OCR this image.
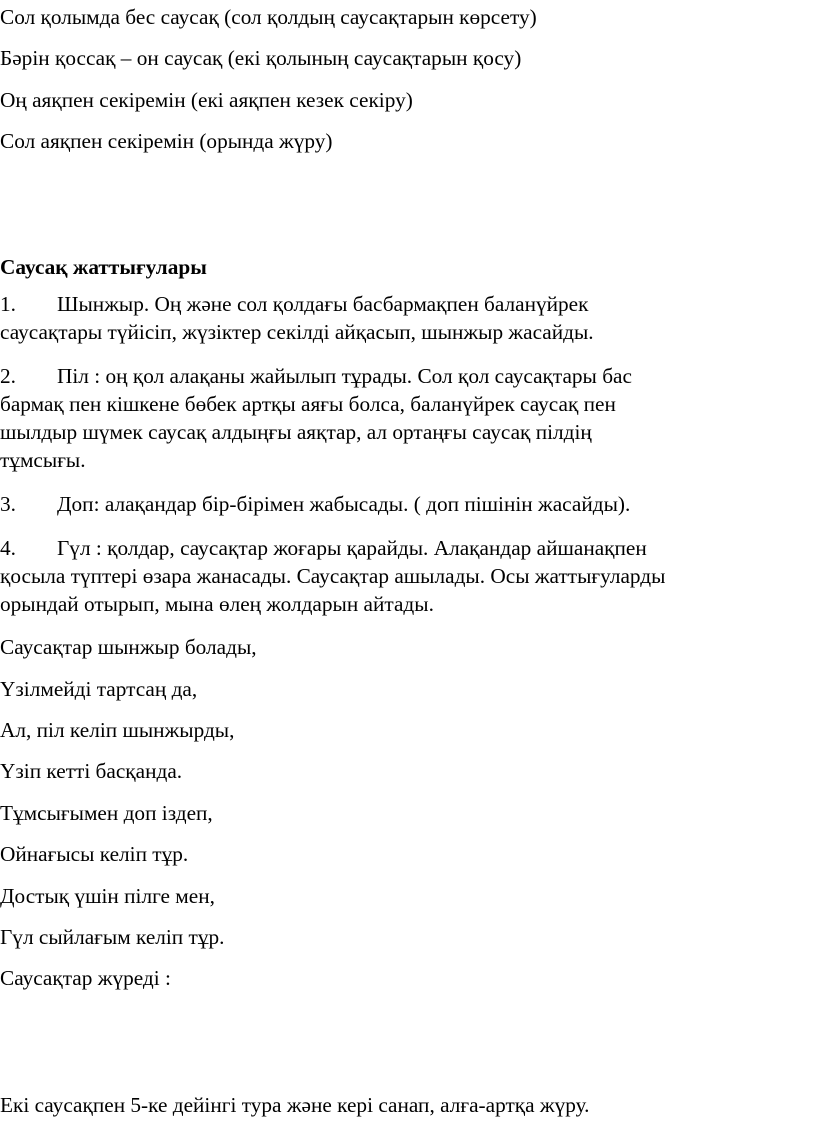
Сол қолымда бес саусақ (сол қолдың саусақтарын көрсету)

Бәрін қоссақ – он саусақ (екі қолының саусақтарын қосу)

Оң аяқпен секіремін (екі аяқпен кезек секіру)

Сол аяқпен секіремін (орында жүру)

Саусақ жаттығулары

1. Шынжыр. Оң және сол қолдағы басбармақпен баланүйрек

саусақтары түйісіп, жүзіктер секілді айқасып, шынжыр жасайды.

2. Піл : оң қол алақаны жайылып тұрады. Сол қол саусақтары бас

бармақ пен кішкене бөбек артқы аяғы болса, баланүйрек саусақ пен

шылдыр шүмек саусақ алдыңғы аяқтар, ал ортаңғы саусақ пілдің

тұмсығы.

3. Доп: алақандар бір-бірімен жабысады. ( доп пішінін жасайды).

4. Гүл : қолдар, саусақтар жоғары қарайды. Алақандар айшанақпен

қосыла түптері өзара жанасады. Саусақтар ашылады. Осы жаттығуларды

орындай отырып, мына өлең жолдарын айтады.

Саусақтар шынжыр болады,

Үзілмейді тартсаң да,

Ал, піл келіп шынжырды,

Үзіп кетті басқанда.

Тұмсығымен доп іздеп,

Ойнағысы келіп тұр.

Достық үшін пілге мен,

Гүл сыйлағым келіп тұр.

Саусақтар жүреді :

Екі саусақпен 5-ке дейінгі тура және кері санап, алға-артқа жүру.
